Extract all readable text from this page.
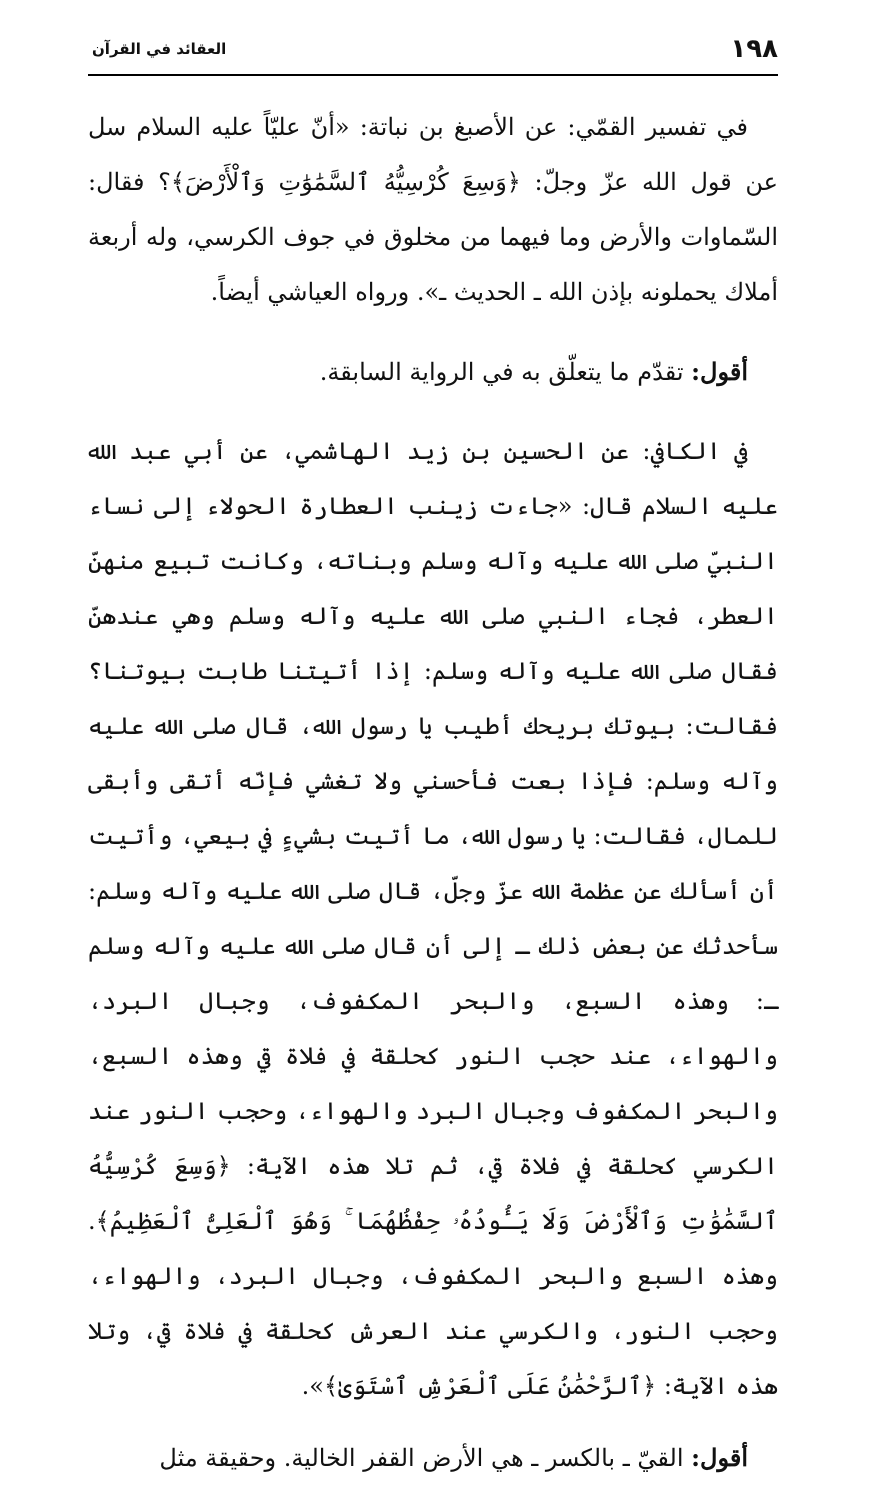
١٩٨
العقائد في القرآن

في تفسير القمّي: عن الأصبغ بن نباتة: «أنّ عليّاً عليه السلام سل عن قول الله عزّ وجلّ: ﴿وَسِعَ كُرْسِيُّهُ ٱلسَّمَٰوَٰتِ وَٱلْأَرْضَ﴾؟ فقال: السّماوات والأرض وما فيهما من مخلوق في جوف الكرسي، وله أربعة أملاك يحملونه بإذن الله ـ الحديث ـ». ورواه العياشي أيضاً.

أقول: تقدّم ما يتعلّق به في الرواية السابقة.

في الكافي: عن الحسين بن زيد الهاشمي، عن أبي عبد الله عليه السلام قال: «جاءت زينب العطارة الحولاء إلى نساء النبيّ صلى الله عليه وآله وسلم وبناته، وكانت تبيع منهنّ العطر، فجاء النبي صلى الله عليه وآله وسلم وهي عندهنّ فقال صلى الله عليه وآله وسلم: إذا أتيتنا طابت بيوتنا؟ فقالت: بيوتك بريحك أطيب يا رسول الله، قال صلى الله عليه وآله وسلم: فإذا بعت فأحسني ولا تغشي فإنّه أتقى وأبقى للمال، فقالت: يا رسول الله، ما أتيت بشيءٍ في بيعي، وأتيت أن أسألك عن عظمة الله عزّ وجلّ، قال صلى الله عليه وآله وسلم: سأحدثك عن بعض ذلك ـ إلى أن قال صلى الله عليه وآله وسلم ـ: وهذه السبع، والبحر المكفوف، وجبال البرد، والهواء، عند حجب النور كحلقة في فلاة قي وهذه السبع، والبحر المكفوف وجبال البرد والهواء، وحجب النور عند الكرسي كحلقة في فلاة قي، ثم تلا هذه الآية: ﴿وَسِعَ كُرْسِيُّهُ ٱلسَّمَٰوَٰتِ وَٱلْأَرْضَ وَلَا يَـُٔودُهُۥ حِفْظُهُمَا ۚ وَهُوَ ٱلْعَلِىُّ ٱلْعَظِيمُ﴾. وهذه السبع والبحر المكفوف، وجبال البرد، والهواء، وحجب النور، والكرسي عند العرش كحلقة في فلاة قي، وتلا هذه الآية: ﴿ٱلرَّحْمَٰنُ عَلَى ٱلْعَرْشِ ٱسْتَوَىٰ﴾».

أقول: القيّ ـ بالكسر ـ هي الأرض القفر الخالية. وحقيقة مثل
